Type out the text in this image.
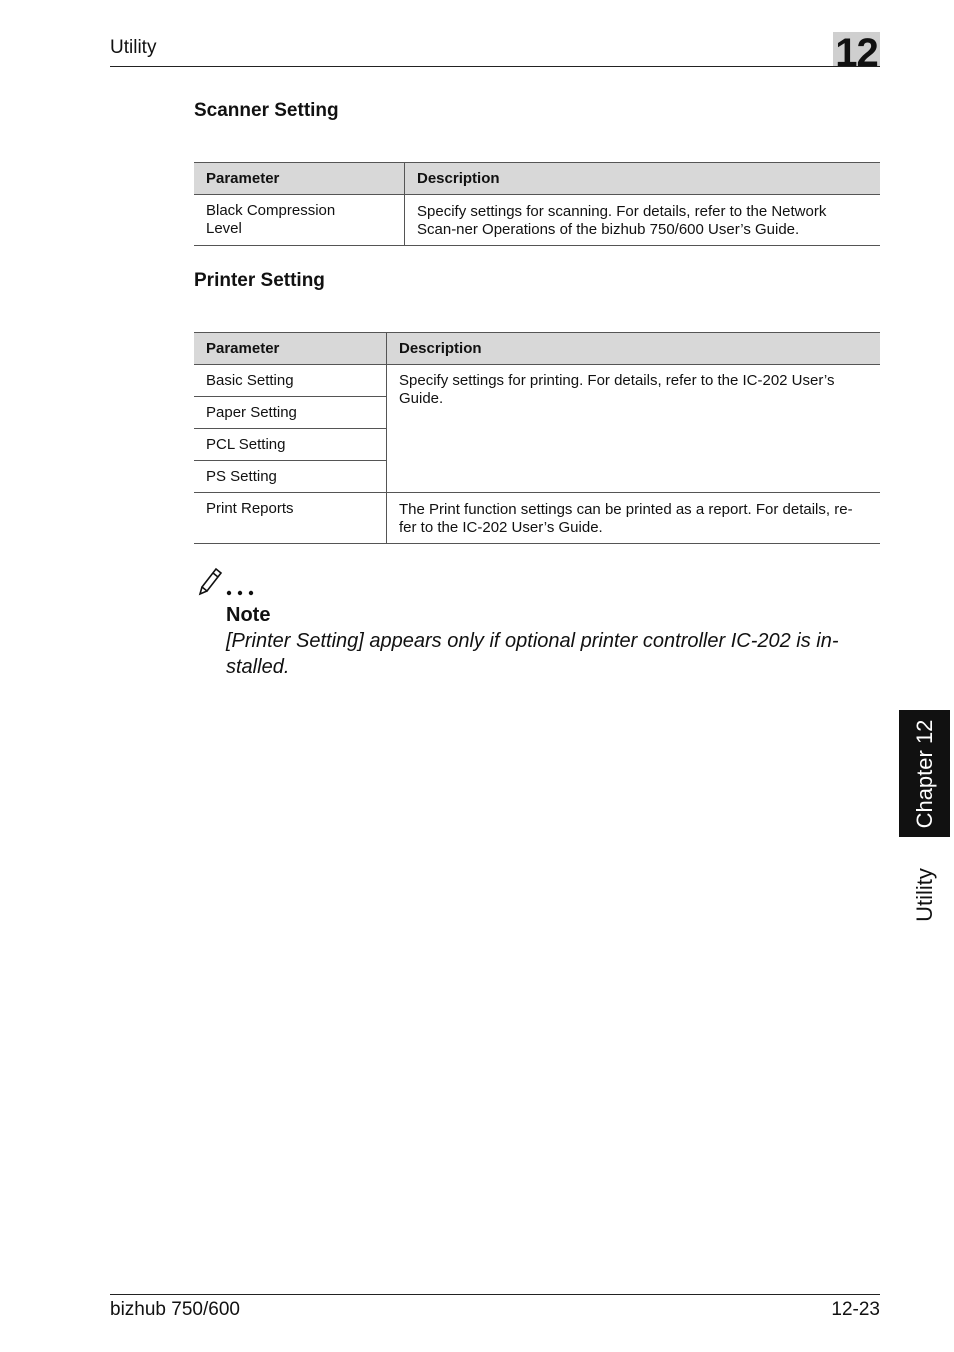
Utility	12
Scanner Setting
Parameter	Description
Black Compression Level	Specify settings for scanning. For details, refer to the Network Scan-ner Operations of the bizhub 750/600 User’s Guide.
Printer Setting
Parameter	Description
Basic Setting	Specify settings for printing. For details, refer to the IC-202 User’s Guide.
Paper Setting	
PCL Setting	
PS Setting	
Print Reports	The Print function settings can be printed as a report. For details, re-fer to the IC-202 User’s Guide.
Note
[Printer Setting] appears only if optional printer controller IC-202 is in-stalled.
Chapter 12
Utility
bizhub 750/600	12-23
